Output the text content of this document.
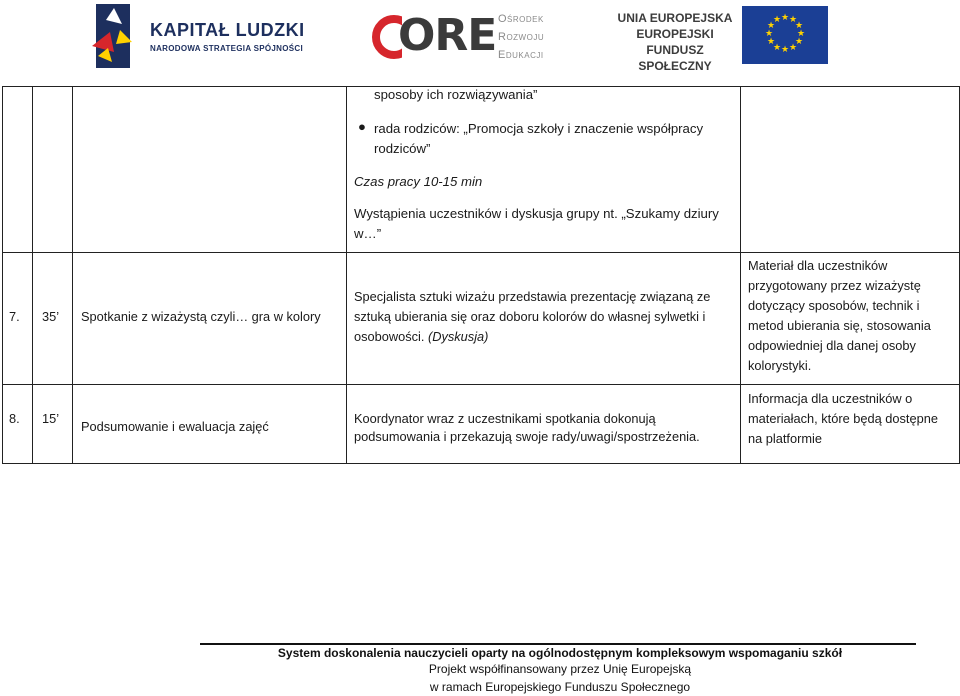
KAPITAŁ LUDZKI
NARODOWA STRATEGIA SPÓJNOŚCI ORE Ośrodek
Rozwoju
Edukacji
UNIA EUROPEJSKA
EUROPEJSKI
FUNDUSZ SPOŁECZNY
★ ★
★
★
★
★
★
★
★
★
★
★
sposoby ich rozwiązywania”
● rada rodziców: „Promocja szkoły i znaczenie współpracy
rodziców”
Czas pracy 10-15 min
Wystąpienia uczestników i dyskusja grupy nt. „Szukamy dziury
w…”
7. 35’ Spotkanie z wizażystą czyli… gra w kolory
Specjalista sztuki wizażu przedstawia prezentację związaną ze
sztuką ubierania się oraz doboru kolorów do własnej sylwetki i
osobowości. (Dyskusja)
Materiał dla uczestników
przygotowany przez wizażystę
dotyczący sposobów, technik i
metod ubierania się, stosowania
odpowiedniej dla danej osoby
kolorystyki.
8. 15’
Podsumowanie i ewaluacja zajęć
Koordynator wraz z uczestnikami spotkania dokonują
podsumowania i przekazują swoje rady/uwagi/spostrzeżenia.
Informacja dla uczestników o
materiałach, które będą dostępne
na platformie
System doskonalenia nauczycieli oparty na ogólnodostępnym kompleksowym wspomaganiu szkół
Projekt współfinansowany przez Unię Europejską
w ramach Europejskiego Funduszu Społecznego
